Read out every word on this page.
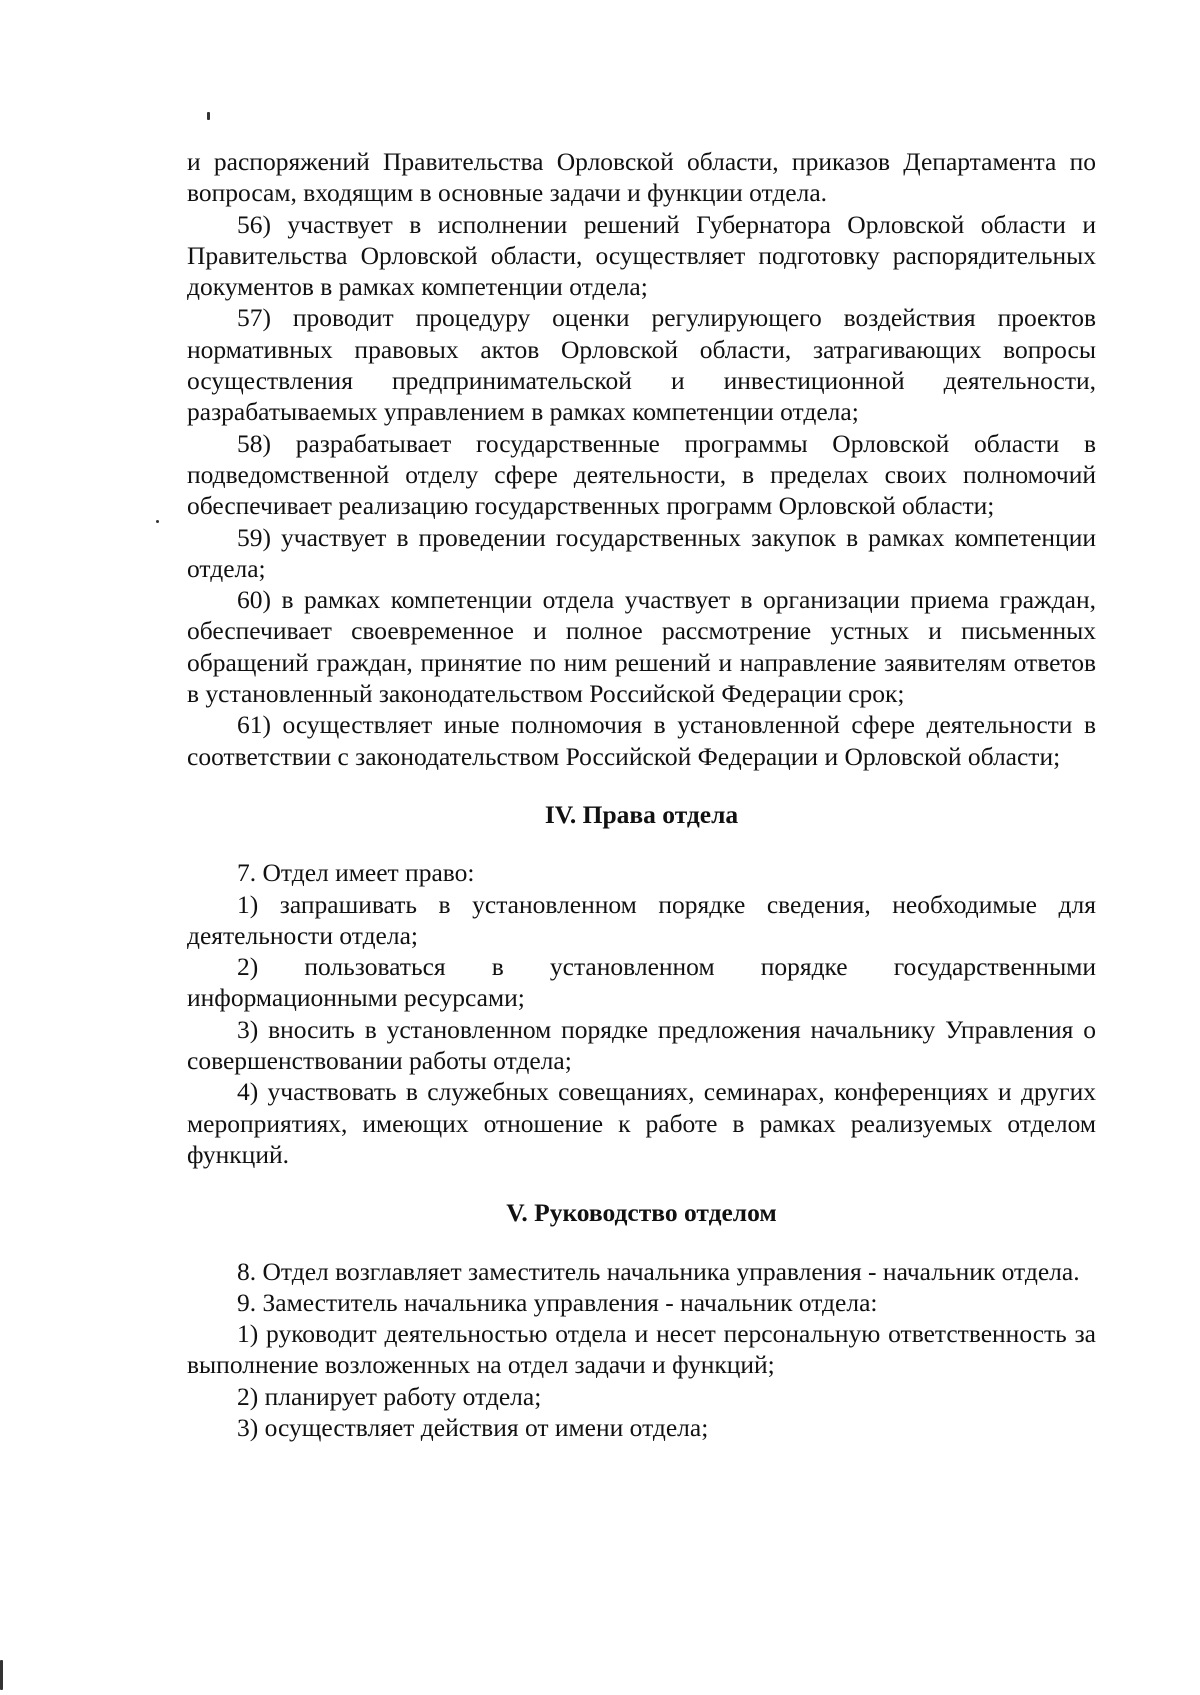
и распоряжений Правительства Орловской области, приказов Департамента по вопросам, входящим в основные задачи и функции отдела.

56) участвует в исполнении решений Губернатора Орловской области и Правительства Орловской области, осуществляет подготовку распорядительных документов в рамках компетенции отдела;

57) проводит процедуру оценки регулирующего воздействия проектов нормативных правовых актов Орловской области, затрагивающих вопросы осуществления предпринимательской и инвестиционной деятельности, разрабатываемых управлением в рамках компетенции отдела;

58) разрабатывает государственные программы Орловской области в подведомственной отделу сфере деятельности, в пределах своих полномочий обеспечивает реализацию государственных программ Орловской области;

59) участвует в проведении государственных закупок в рамках компетенции отдела;

60) в рамках компетенции отдела участвует в организации приема граждан, обеспечивает своевременное и полное рассмотрение устных и письменных обращений граждан, принятие по ним решений и направление заявителям ответов в установленный законодательством Российской Федерации срок;

61) осуществляет иные полномочия в установленной сфере деятельности в соответствии с законодательством Российской Федерации и Орловской области;

IV. Права отдела

7. Отдел имеет право:

1) запрашивать в установленном порядке сведения, необходимые для деятельности отдела;

2) пользоваться в установленном порядке государственными информационными ресурсами;

3) вносить в установленном порядке предложения начальнику Управления о совершенствовании работы отдела;

4) участвовать в служебных совещаниях, семинарах, конференциях и других мероприятиях, имеющих отношение к работе в рамках реализуемых отделом функций.

V. Руководство отделом

8. Отдел возглавляет заместитель начальника управления - начальник отдела.

9. Заместитель начальника управления - начальник отдела:

1) руководит деятельностью отдела и несет персональную ответственность за выполнение возложенных на отдел задачи и функций;

2) планирует работу отдела;

3) осуществляет действия от имени отдела;
